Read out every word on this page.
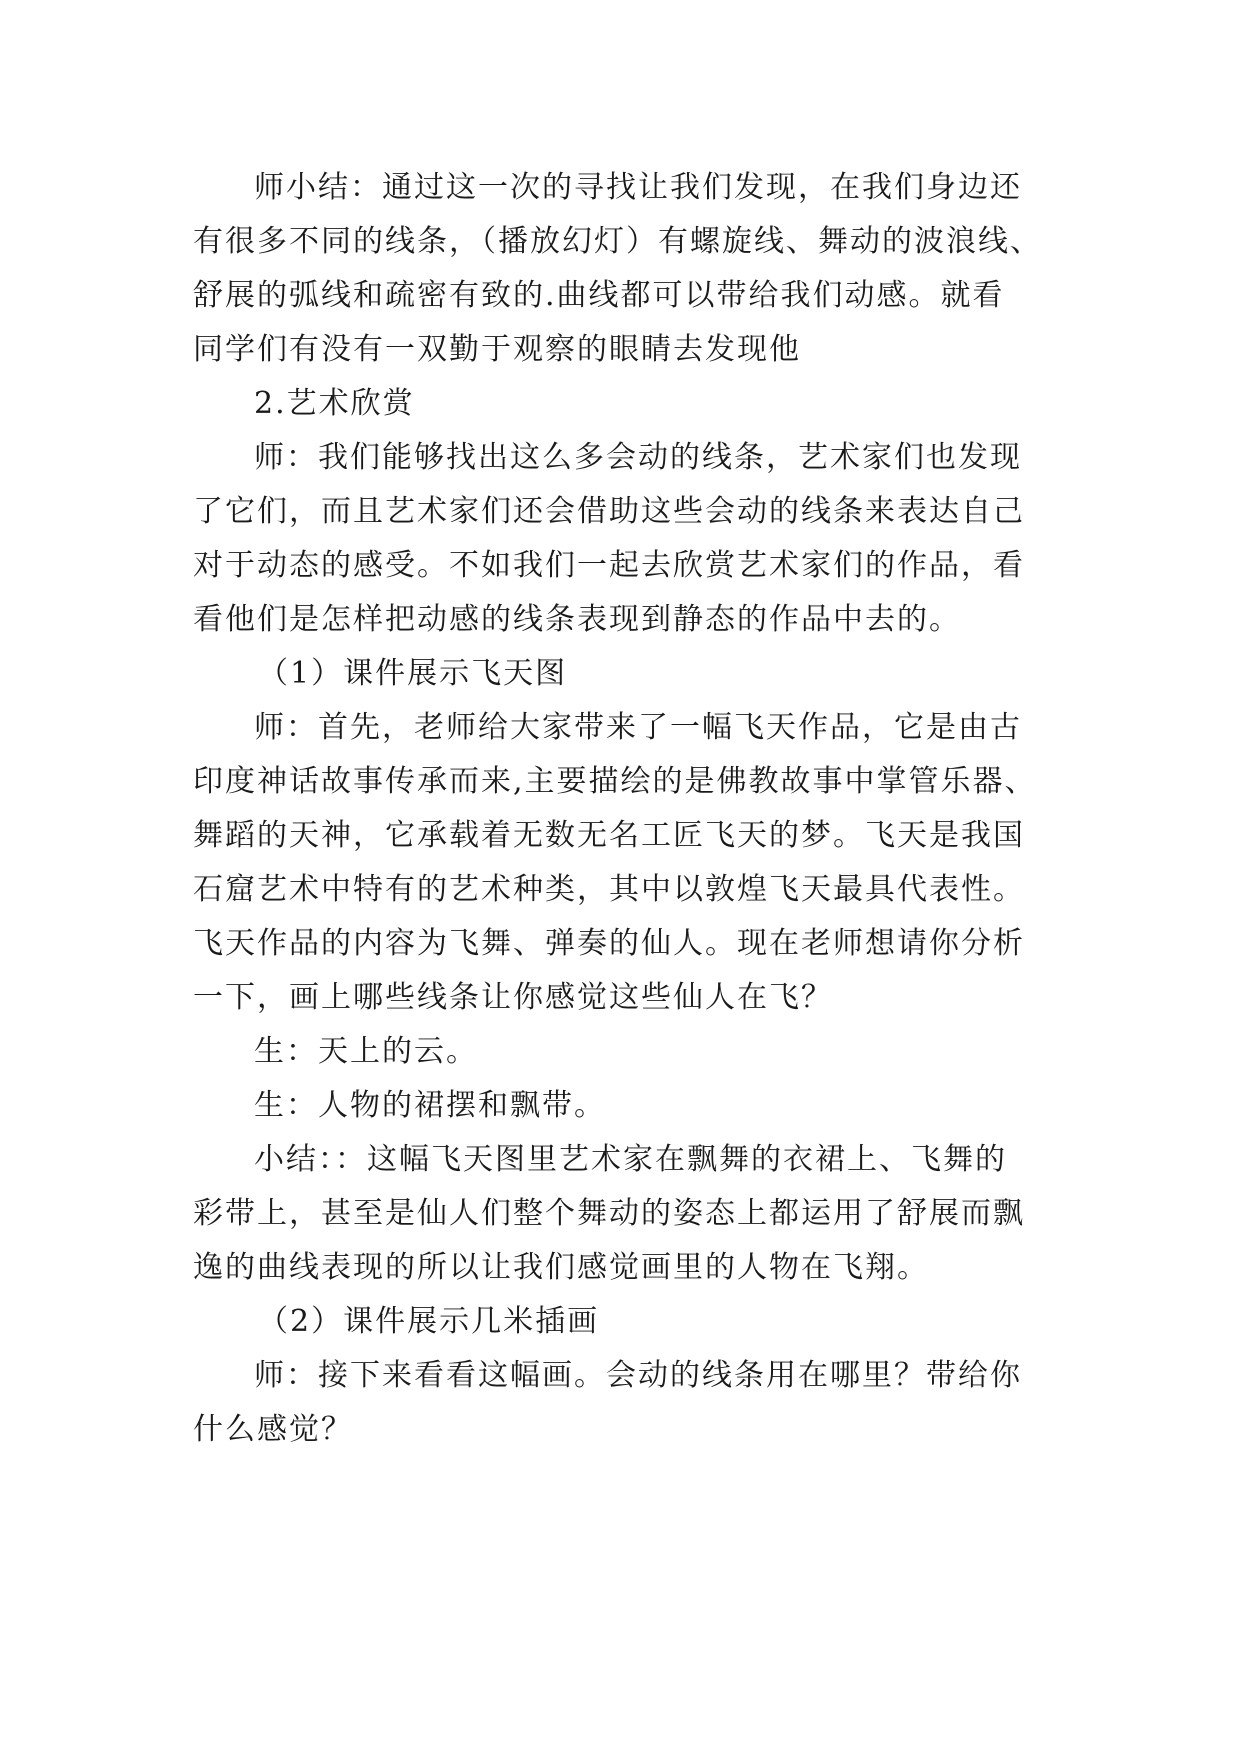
师小结：通过这一次的寻找让我们发现，在我们身边还
有很多不同的线条，（播放幻灯）有螺旋线、舞动的波浪线、
舒展的弧线和疏密有致的.曲线都可以带给我们动感。就看
同学们有没有一双勤于观察的眼睛去发现他
2.艺术欣赏
师：我们能够找出这么多会动的线条，艺术家们也发现
了它们，而且艺术家们还会借助这些会动的线条来表达自己
对于动态的感受。不如我们一起去欣赏艺术家们的作品，看
看他们是怎样把动感的线条表现到静态的作品中去的。
（1）课件展示飞天图
师：首先，老师给大家带来了一幅飞天作品，它是由古
印度神话故事传承而来,主要描绘的是佛教故事中掌管乐器、
舞蹈的天神，它承载着无数无名工匠飞天的梦。飞天是我国
石窟艺术中特有的艺术种类，其中以敦煌飞天最具代表性。
飞天作品的内容为飞舞、弹奏的仙人。现在老师想请你分析
一下，画上哪些线条让你感觉这些仙人在飞？
生：天上的云。
生：人物的裙摆和飘带。
小结：：这幅飞天图里艺术家在飘舞的衣裙上、飞舞的
彩带上，甚至是仙人们整个舞动的姿态上都运用了舒展而飘
逸的曲线表现的所以让我们感觉画里的人物在飞翔。
（2）课件展示几米插画
师：接下来看看这幅画。会动的线条用在哪里？带给你
什么感觉？
